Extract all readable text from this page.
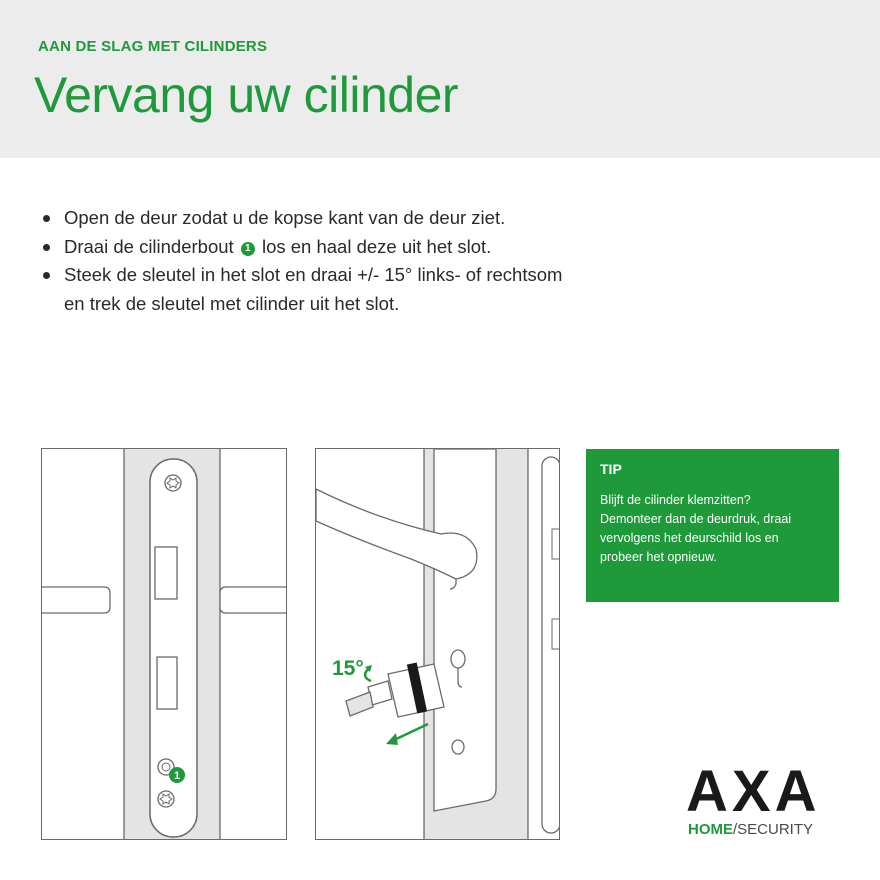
AAN DE SLAG MET CILINDERS
Vervang uw cilinder
Open de deur zodat u de kopse kant van de deur ziet.
Draai de cilinderbout 1 los en haal deze uit het slot.
Steek de sleutel in het slot en draai +/- 15° links- of rechtsom
en trek de sleutel met cilinder uit het slot.
1
15°
TIP
Blijft de cilinder klemzitten?
Demonteer dan de deurdruk, draai
vervolgens het deurschild los en
probeer het opnieuw.
AXA
HOME/SECURITY
